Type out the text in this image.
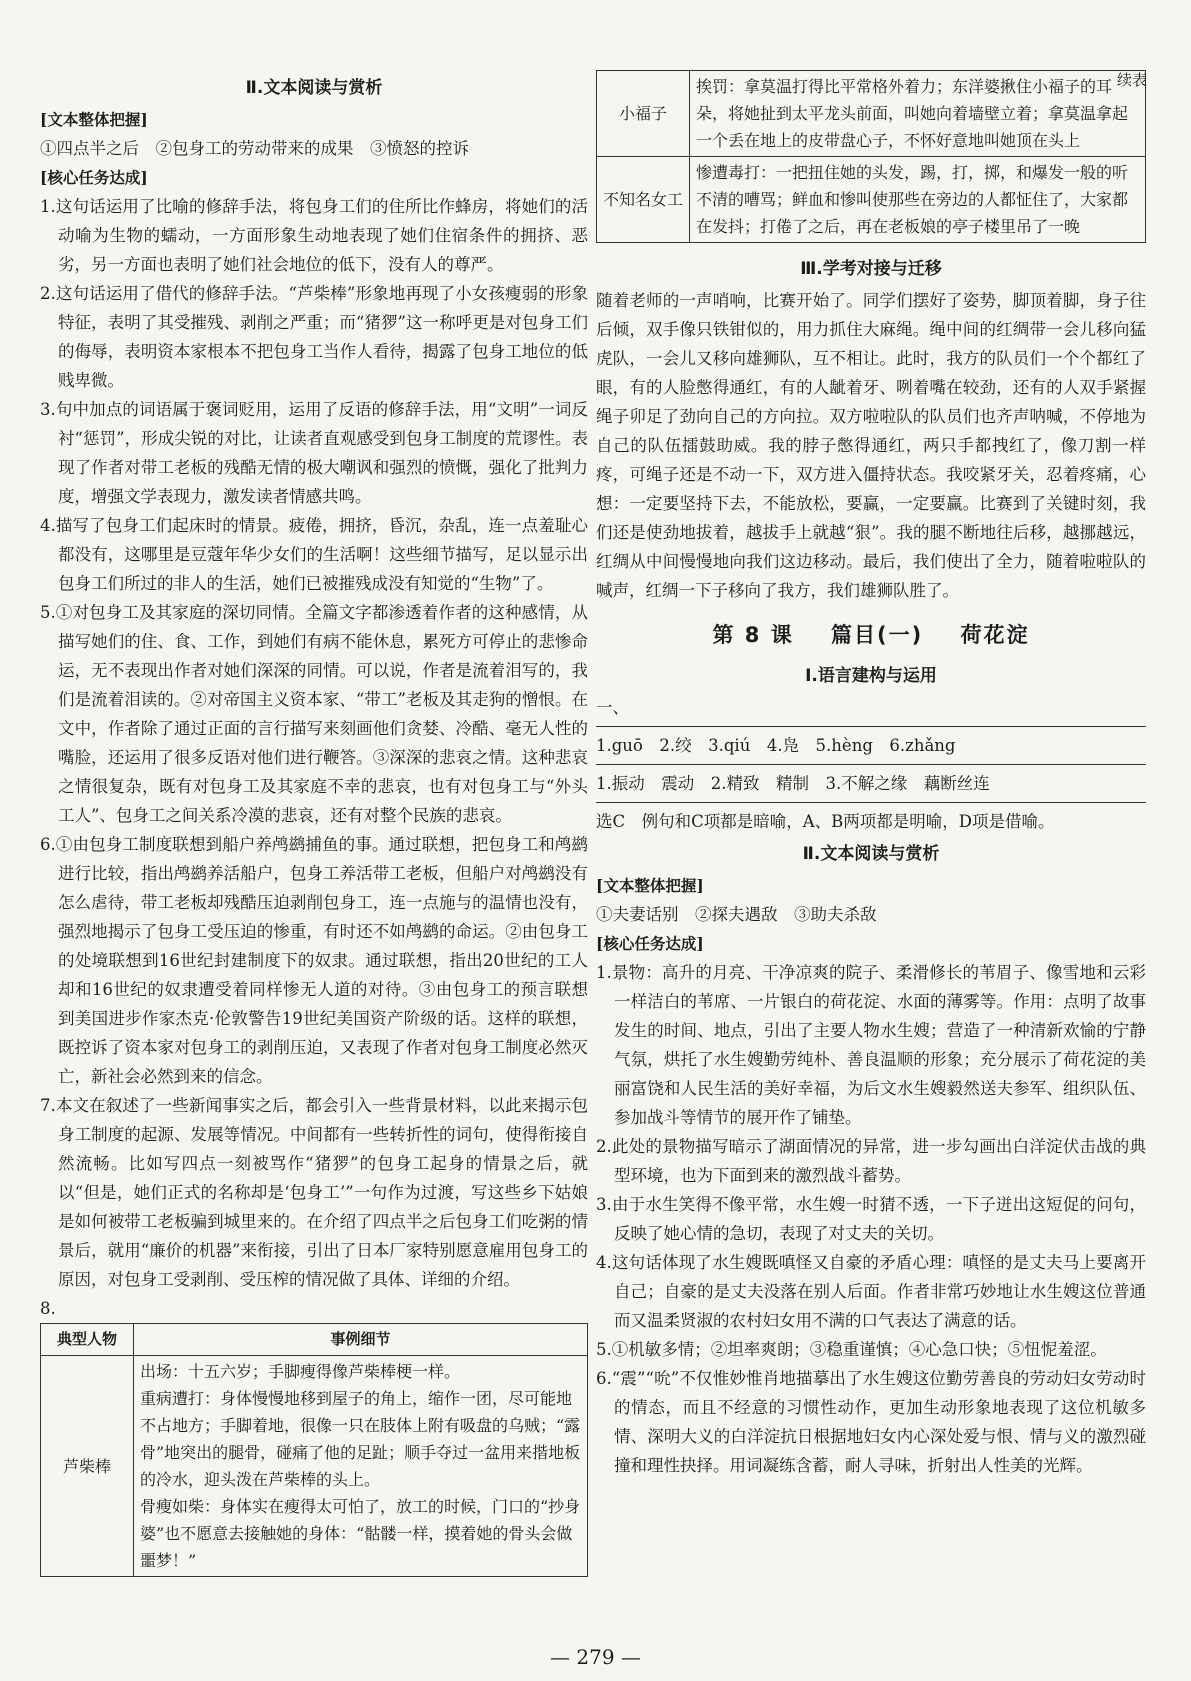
续表
Ⅱ.文本阅读与赏析
[文本整体把握]

①四点半之后　②包身工的劳动带来的成果　③愤怒的控诉

[核心任务达成]

1.这句话运用了比喻的修辞手法，将包身工们的住所比作蜂房，将她们的活动喻为生物的蠕动，一方面形象生动地表现了她们住宿条件的拥挤、恶劣，另一方面也表明了她们社会地位的低下，没有人的尊严。

2.这句话运用了借代的修辞手法。“芦柴棒”形象地再现了小女孩瘦弱的形象特征，表明了其受摧残、剥削之严重；而“猪猡”这一称呼更是对包身工们的侮辱，表明资本家根本不把包身工当作人看待，揭露了包身工地位的低贱卑微。

3.句中加点的词语属于褒词贬用，运用了反语的修辞手法，用“文明”一词反衬“惩罚”，形成尖锐的对比，让读者直观感受到包身工制度的荒谬性。表现了作者对带工老板的残酷无情的极大嘲讽和强烈的愤慨，强化了批判力度，增强文学表现力，激发读者情感共鸣。

4.描写了包身工们起床时的情景。疲倦，拥挤，昏沉，杂乱，连一点羞耻心都没有，这哪里是豆蔻年华少女们的生活啊！这些细节描写，足以显示出包身工们所过的非人的生活，她们已被摧残成没有知觉的“生物”了。

5.①对包身工及其家庭的深切同情。全篇文字都渗透着作者的这种感情，从描写她们的住、食、工作，到她们有病不能休息，累死方可停止的悲惨命运，无不表现出作者对她们深深的同情。可以说，作者是流着泪写的，我们是流着泪读的。②对帝国主义资本家、“带工”老板及其走狗的憎恨。在文中，作者除了通过正面的言行描写来刻画他们贪婪、冷酷、毫无人性的嘴脸，还运用了很多反语对他们进行鞭答。③深深的悲哀之情。这种悲哀之情很复杂，既有对包身工及其家庭不幸的悲哀，也有对包身工与“外头工人”、包身工之间关系冷漠的悲哀，还有对整个民族的悲哀。

6.①由包身工制度联想到船户养鸬鹚捕鱼的事。通过联想，把包身工和鸬鹚进行比较，指出鸬鹚养活船户，包身工养活带工老板，但船户对鸬鹚没有怎么虐待，带工老板却残酷压迫剥削包身工，连一点施与的温情也没有，强烈地揭示了包身工受压迫的惨重，有时还不如鸬鹚的命运。②由包身工的处境联想到16世纪封建制度下的奴隶。通过联想，指出20世纪的工人却和16世纪的奴隶遭受着同样惨无人道的对待。③由包身工的预言联想到美国进步作家杰克·伦敦警告19世纪美国资产阶级的话。这样的联想，既控诉了资本家对包身工的剥削压迫，又表现了作者对包身工制度必然灭亡，新社会必然到来的信念。

7.本文在叙述了一些新闻事实之后，都会引入一些背景材料，以此来揭示包身工制度的起源、发展等情况。中间都有一些转折性的词句，使得衔接自然流畅。比如写四点一刻被骂作“猪猡”的包身工起身的情景之后，就以“但是，她们正式的名称却是‘包身工’”一句作为过渡，写这些乡下姑娘是如何被带工老板骗到城里来的。在介绍了四点半之后包身工们吃粥的情景后，就用“廉价的机器”来衔接，引出了日本厂家特别愿意雇用包身工的原因，对包身工受剥削、受压榨的情况做了具体、详细的介绍。

8.

典型人物	事例细节
芦柴棒	出场：十五六岁；手脚瘦得像芦柴棒梗一样。
重病遭打：身体慢慢地移到屋子的角上，缩作一团，尽可能地不占地方；手脚着地，很像一只在肢体上附有吸盘的乌贼；“露骨”地突出的腿骨，碰痛了他的足趾；顺手夺过一盆用来揩地板的冷水，迎头泼在芦柴棒的头上。
骨瘦如柴：身体实在瘦得太可怕了，放工的时候，门口的“抄身婆”也不愿意去接触她的身体：“骷髅一样，摸着她的骨头会做噩梦！”
小福子	挨罚：拿莫温打得比平常格外着力；东洋婆揪住小福子的耳朵，将她扯到太平龙头前面，叫她向着墙壁立着；拿莫温拿起一个丢在地上的皮带盘心子，不怀好意地叫她顶在头上
不知名女工	惨遭毒打：一把扭住她的头发，踢，打，掷，和爆发一般的听不清的嘈骂；鲜血和惨叫使那些在旁边的人都怔住了，大家都在发抖；打倦了之后，再在老板娘的亭子楼里吊了一晚
Ⅲ.学考对接与迁移

随着老师的一声哨响，比赛开始了。同学们摆好了姿势，脚顶着脚，身子往后倾，双手像只铁钳似的，用力抓住大麻绳。绳中间的红绸带一会儿移向猛虎队，一会儿又移向雄狮队，互不相让。此时，我方的队员们一个个都红了眼，有的人脸憋得通红，有的人龇着牙、咧着嘴在较劲，还有的人双手紧握绳子卯足了劲向自己的方向拉。双方啦啦队的队员们也齐声呐喊，不停地为自己的队伍擂鼓助威。我的脖子憋得通红，两只手都拽红了，像刀割一样疼，可绳子还是不动一下，双方进入僵持状态。我咬紧牙关，忍着疼痛，心想：一定要坚持下去，不能放松，要赢，一定要赢。比赛到了关键时刻，我们还是使劲地拔着，越拔手上就越“狠”。我的腿不断地往后移，越挪越远，红绸从中间慢慢地向我们这边移动。最后，我们使出了全力，随着啦啦队的喊声，红绸一下子移向了我方，我们雄狮队胜了。

第 8 课 篇目(一) 荷花淀
Ⅰ.语言建构与运用
一、

1.guō　2.绞　3.qiú　4.凫　5.hèng　6.zhǎng

1.振动　震动　2.精致　精制　3.不解之缘　藕断丝连

选C　例句和C项都是暗喻，A、B两项都是明喻，D项是借喻。

Ⅱ.文本阅读与赏析
[文本整体把握]

①夫妻话别　②探夫遇敌　③助夫杀敌

[核心任务达成]

1.景物：高升的月亮、干净凉爽的院子、柔滑修长的苇眉子、像雪地和云彩一样洁白的苇席、一片银白的荷花淀、水面的薄雾等。作用：点明了故事发生的时间、地点，引出了主要人物水生嫂；营造了一种清新欢愉的宁静气氛，烘托了水生嫂勤劳纯朴、善良温顺的形象；充分展示了荷花淀的美丽富饶和人民生活的美好幸福，为后文水生嫂毅然送夫参军、组织队伍、参加战斗等情节的展开作了铺垫。

2.此处的景物描写暗示了湖面情况的异常，进一步勾画出白洋淀伏击战的典型环境，也为下面到来的激烈战斗蓄势。

3.由于水生笑得不像平常，水生嫂一时猜不透，一下子迸出这短促的问句，反映了她心情的急切，表现了对丈夫的关切。

4.这句话体现了水生嫂既嗔怪又自豪的矛盾心理：嗔怪的是丈夫马上要离开自己；自豪的是丈夫没落在别人后面。作者非常巧妙地让水生嫂这位普通而又温柔贤淑的农村妇女用不满的口气表达了满意的话。

5.①机敏多情；②坦率爽朗；③稳重谨慎；④心急口快；⑤忸怩羞涩。

6.“震”“吮”不仅惟妙惟肖地描摹出了水生嫂这位勤劳善良的劳动妇女劳动时的情态，而且不经意的习惯性动作，更加生动形象地表现了这位机敏多情、深明大义的白洋淀抗日根据地妇女内心深处爱与恨、情与义的激烈碰撞和理性抉择。用词凝练含蓄，耐人寻味，折射出人性美的光辉。

— 279 —
